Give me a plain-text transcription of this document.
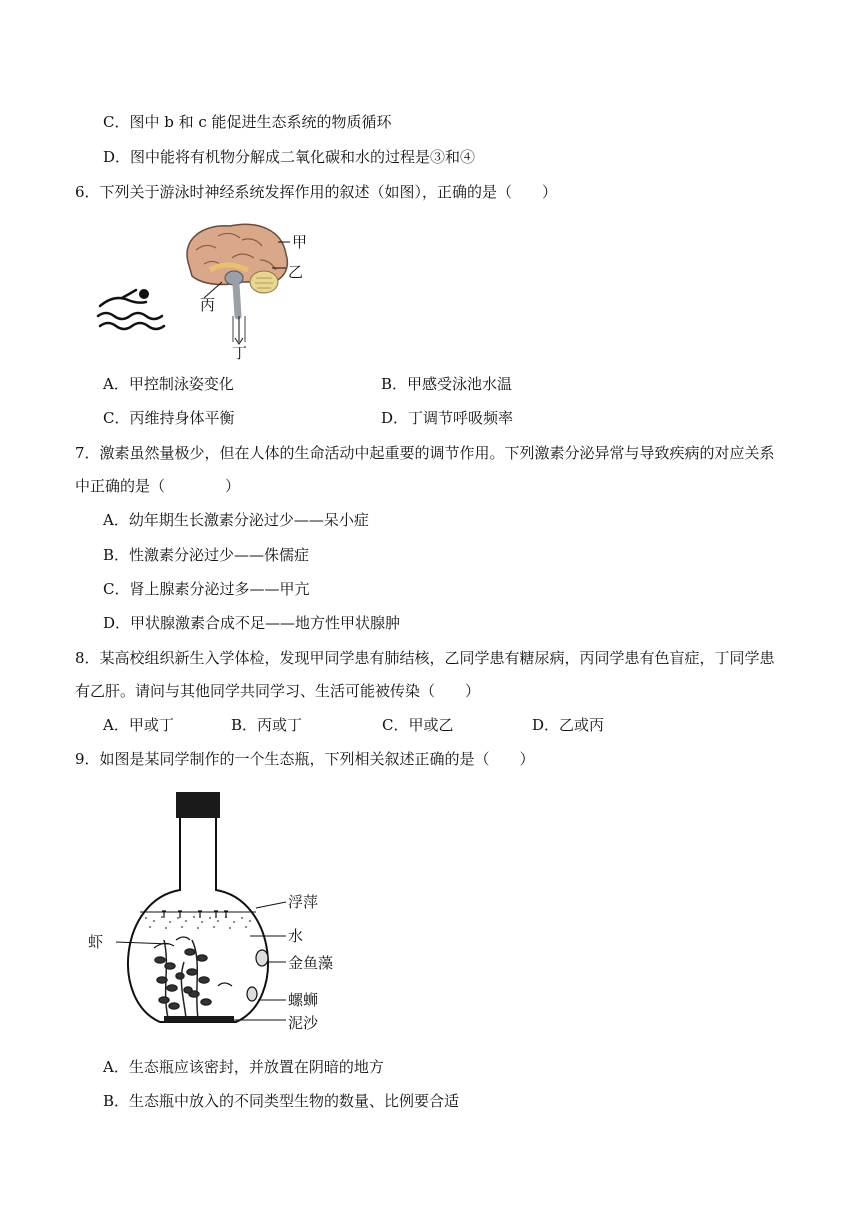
C．图中 b 和 c 能促进生态系统的物质循环
D．图中能将有机物分解成二氧化碳和水的过程是③和④
6．下列关于游泳时神经系统发挥作用的叙述（如图），正确的是（　　）
甲
乙
丙
丁
A．甲控制泳姿变化	B．甲感受泳池水温
C．丙维持身体平衡	D．丁调节呼吸频率
7．激素虽然量极少，但在人体的生命活动中起重要的调节作用。下列激素分泌异常与导致疾病的对应关系
中正确的是（　　　　）
A．幼年期生长激素分泌过少——呆小症
B．性激素分泌过少——侏儒症
C．肾上腺素分泌过多——甲亢
D．甲状腺激素合成不足——地方性甲状腺肿
8．某高校组织新生入学体检，发现甲同学患有肺结核，乙同学患有糖尿病，丙同学患有色盲症，丁同学患
有乙肝。请问与其他同学共同学习、生活可能被传染（　　）
A．甲或丁	B．丙或丁	C．甲或乙	D．乙或丙
9．如图是某同学制作的一个生态瓶，下列相关叙述正确的是（　　）
浮萍
水
虾
金鱼藻
螺蛳
泥沙
A．生态瓶应该密封，并放置在阴暗的地方
B．生态瓶中放入的不同类型生物的数量、比例要合适
